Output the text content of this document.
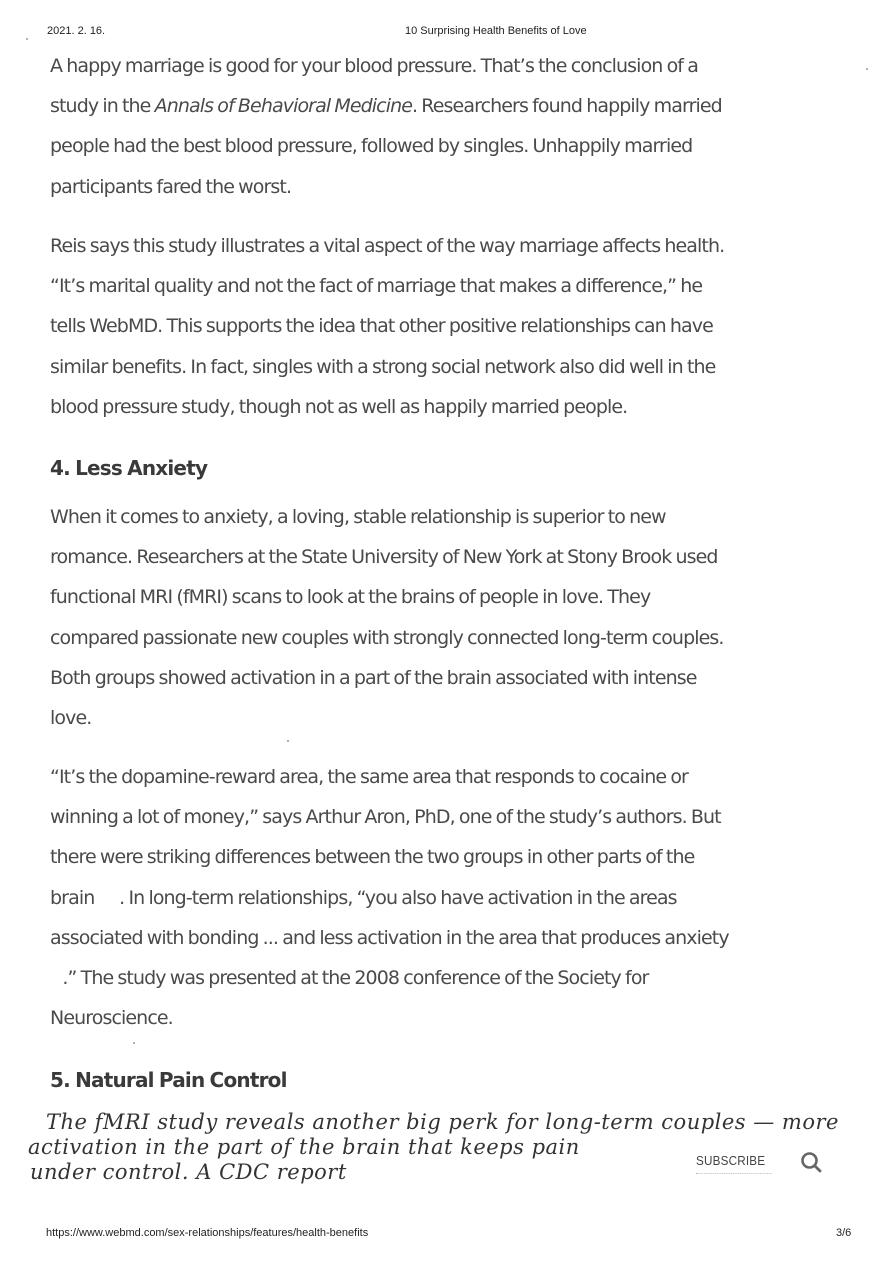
2021. 2. 16.	10 Surprising Health Benefits of Love

A happy marriage is good for your blood pressure. That’s the conclusion of a
study in the Annals of Behavioral Medicine. Researchers found happily married
people had the best blood pressure, followed by singles. Unhappily married
participants fared the worst.

Reis says this study illustrates a vital aspect of the way marriage affects health.
“It’s marital quality and not the fact of marriage that makes a difference,” he
tells WebMD. This supports the idea that other positive relationships can have
similar benefits. In fact, singles with a strong social network also did well in the
blood pressure study, though not as well as happily married people.

4. Less Anxiety

When it comes to anxiety, a loving, stable relationship is superior to new
romance. Researchers at the State University of New York at Stony Brook used
functional MRI (fMRI) scans to look at the brains of people in love. They
compared passionate new couples with strongly connected long-term couples.
Both groups showed activation in a part of the brain associated with intense
love.

“It’s the dopamine-reward area, the same area that responds to cocaine or
winning a lot of money,” says Arthur Aron, PhD, one of the study’s authors. But
there were striking differences between the two groups in other parts of the
brain      . In long-term relationships, “you also have activation in the areas
associated with bonding ... and less activation in the area that produces anxiety
.” The study was presented at the 2008 conference of the Society for
Neuroscience.

5. Natural Pain Control
The fMRI study reveals another big perk for long-term couples — more
activation in the part of the brain that keeps pain
under control. A CDC report	SUBSCRIBE
https://www.webmd.com/sex-relationships/features/health-benefits	3/6
